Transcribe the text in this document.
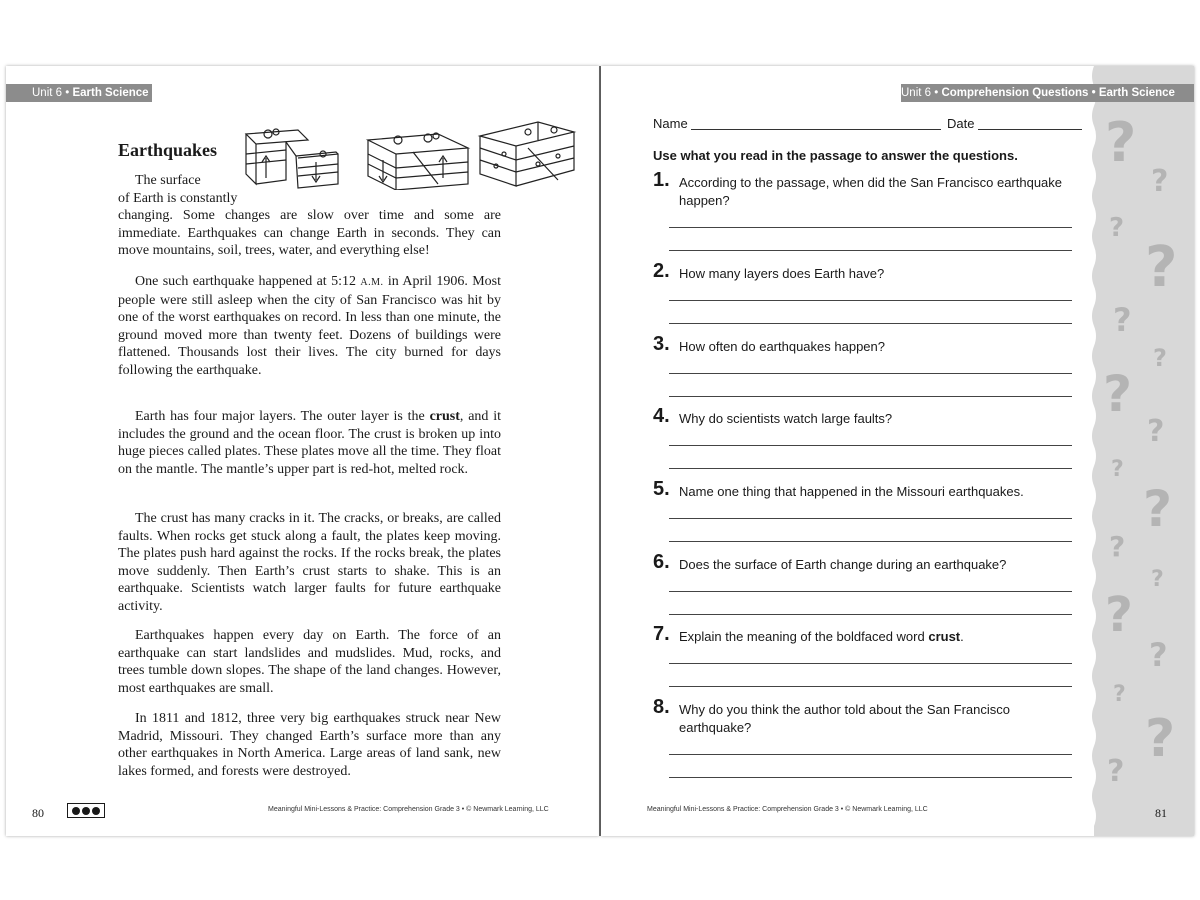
Unit 6 • Earth Science
Earthquakes
The surface
of Earth is constantly
changing. Some changes are slow over time and some are immediate. Earthquakes can change Earth in seconds. They can move mountains, soil, trees, water, and everything else!
One such earthquake happened at 5:12 A.M. in April 1906. Most people were still asleep when the city of San Francisco was hit by one of the worst earthquakes on record. In less than one minute, the ground moved more than twenty feet. Dozens of buildings were flattened. Thousands lost their lives. The city burned for days following the earthquake.
Earth has four major layers. The outer layer is the crust, and it includes the ground and the ocean floor. The crust is broken up into huge pieces called plates. These plates move all the time. They float on the mantle. The mantle’s upper part is red-hot, melted rock.
The crust has many cracks in it. The cracks, or breaks, are called faults. When rocks get stuck along a fault, the plates keep moving. The plates push hard against the rocks. If the rocks break, the plates move suddenly. Then Earth’s crust starts to shake. This is an earthquake. Scientists watch larger faults for future earthquake activity.
Earthquakes happen every day on Earth. The force of an earthquake can start landslides and mudslides. Mud, rocks, and trees tumble down slopes. The shape of the land changes. However, most earthquakes are small.
In 1811 and 1812, three very big earthquakes struck near New Madrid, Missouri. They changed Earth’s surface more than any other earthquakes in North America. Large areas of land sank, new lakes formed, and forests were destroyed.
80	Meaningful Mini-Lessons & Practice: Comprehension Grade 3 • © Newmark Learning, LLC
?
?
?
?
?
?
?
?
?
?
?
?
?
?
?
?
?
Unit 6 • Comprehension Questions • Earth Science
Name	Date
Use what you read in the passage to answer the questions.
1. According to the passage, when did the San Francisco earthquake happen?
2. How many layers does Earth have?
3. How often do earthquakes happen?
4. Why do scientists watch large faults?
5. Name one thing that happened in the Missouri earthquakes.
6. Does the surface of Earth change during an earthquake?
7. Explain the meaning of the boldfaced word crust.
8. Why do you think the author told about the San Francisco earthquake?
Meaningful Mini-Lessons & Practice: Comprehension Grade 3 • © Newmark Learning, LLC	81
